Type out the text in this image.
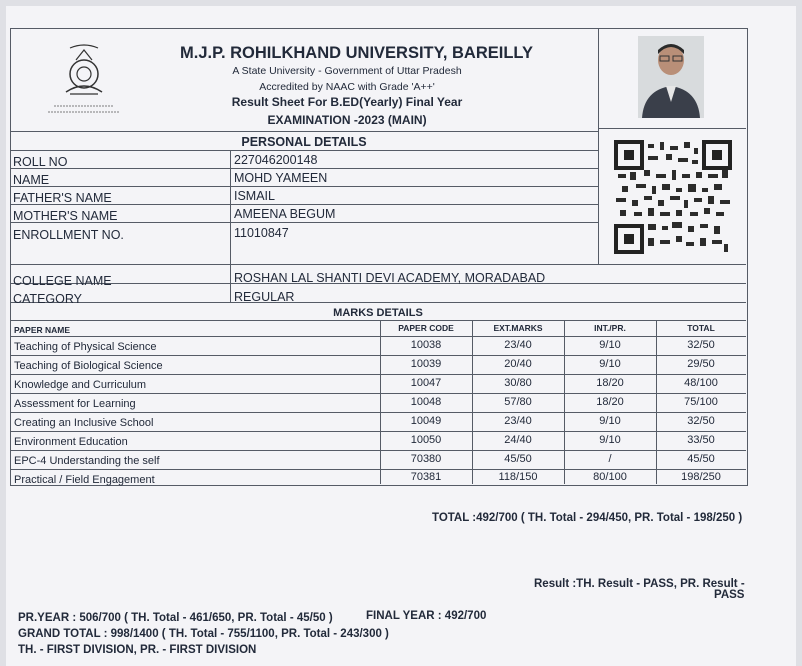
M.J.P. ROHILKHAND UNIVERSITY, BAREILLY
A State University - Government of Uttar Pradesh
Accredited by NAAC with Grade 'A++'
Result Sheet For B.ED(Yearly) Final Year
EXAMINATION -2023 (MAIN)
PERSONAL DETAILS
ROLL NO	227046200148
NAME	MOHD YAMEEN
FATHER'S NAME	ISMAIL
MOTHER'S NAME	AMEENA BEGUM
ENROLLMENT NO.	11010847
COLLEGE NAME	ROSHAN LAL SHANTI DEVI ACADEMY, MORADABAD
CATEGORY	REGULAR
MARKS DETAILS
PAPER NAME	PAPER CODE	EXT.MARKS	INT./PR.	TOTAL
Teaching of Physical Science	10038	23/40	9/10	32/50
Teaching of Biological Science	10039	20/40	9/10	29/50
Knowledge and Curriculum	10047	30/80	18/20	48/100
Assessment for Learning	10048	57/80	18/20	75/100
Creating an Inclusive School	10049	23/40	9/10	32/50
Environment Education	10050	24/40	9/10	33/50
EPC-4 Understanding the self	70380	45/50	/	45/50
Practical / Field Engagement	70381	118/150	80/100	198/250
TOTAL :492/700 ( TH. Total - 294/450, PR. Total - 198/250 )
Result :TH. Result - PASS, PR. Result -
PASS
PR.YEAR : 506/700 ( TH. Total - 461/650, PR. Total - 45/50 )	FINAL YEAR : 492/700
GRAND TOTAL : 998/1400 ( TH. Total - 755/1100, PR. Total - 243/300 )
TH. - FIRST DIVISION, PR. - FIRST DIVISION
